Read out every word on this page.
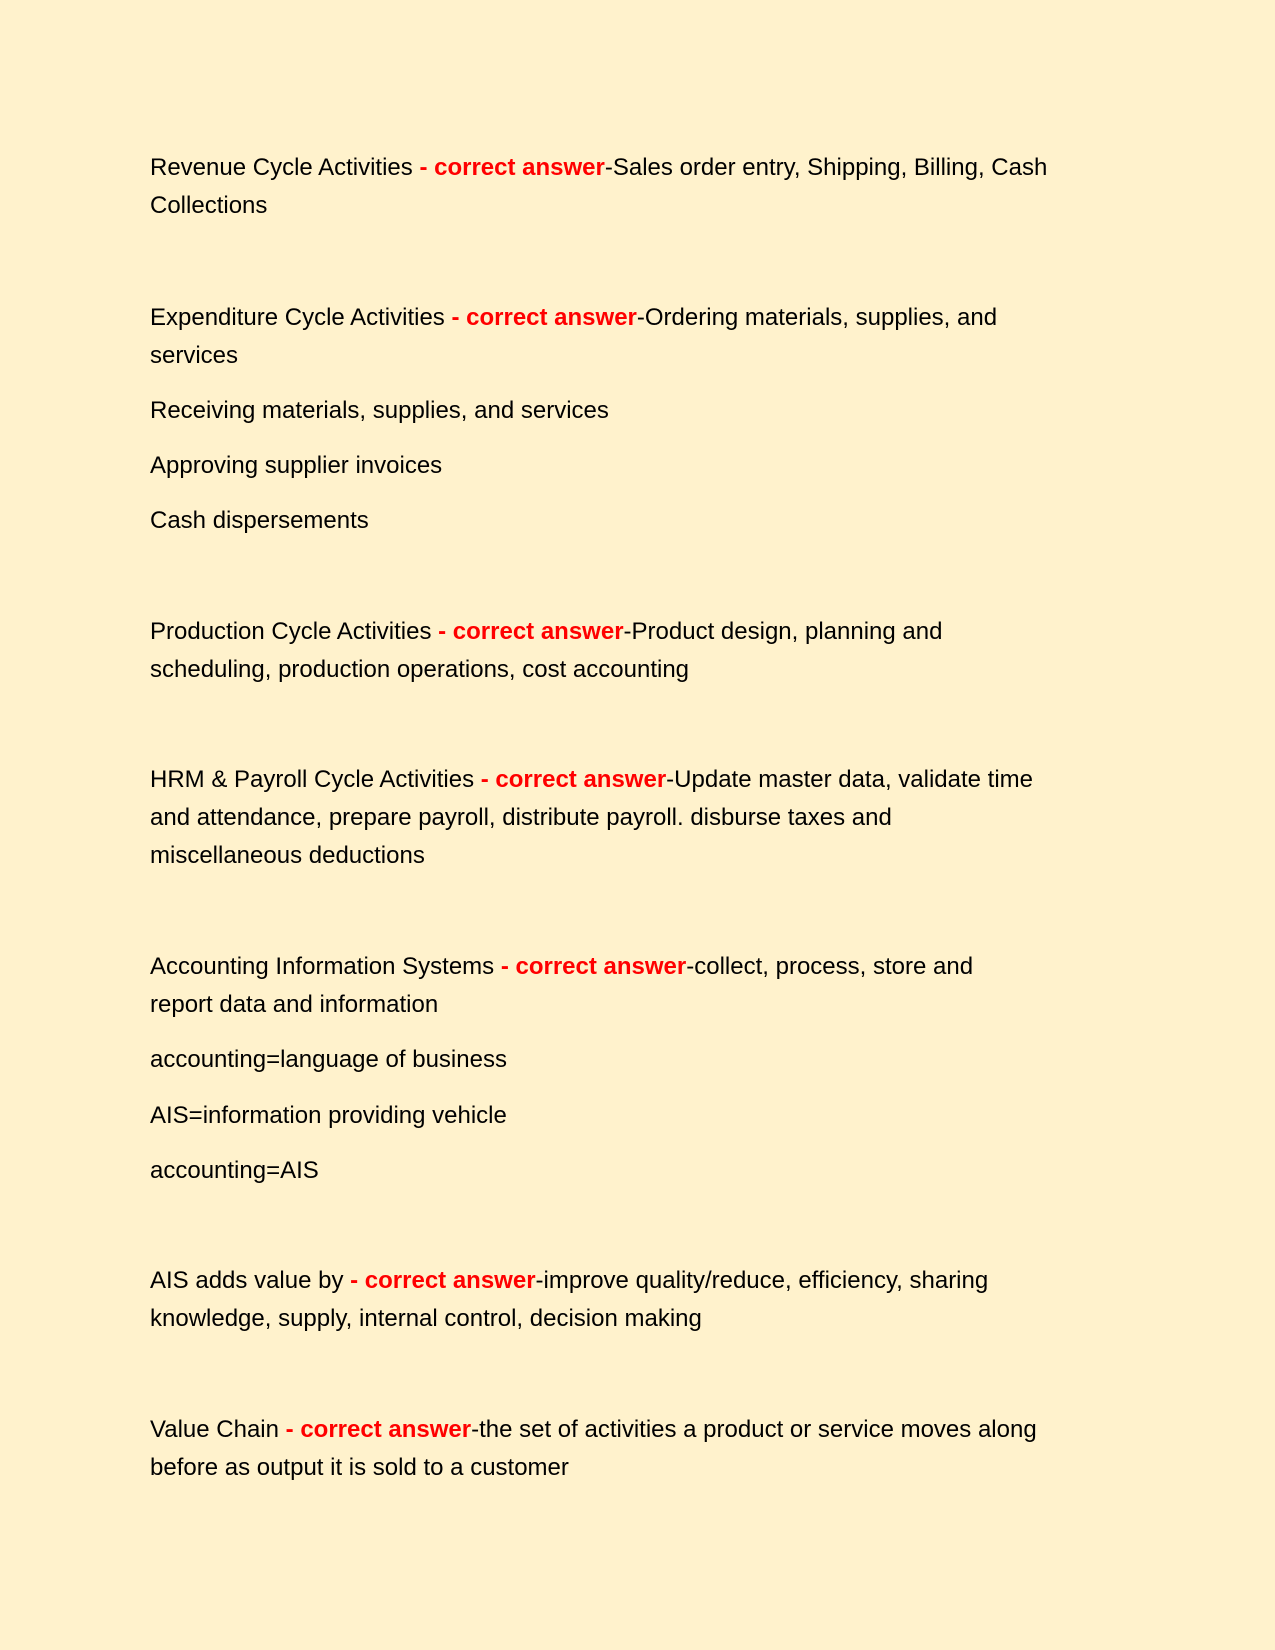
Revenue Cycle Activities - correct answer-Sales order entry, Shipping, Billing, Cash
Collections
Expenditure Cycle Activities - correct answer-Ordering materials, supplies, and
services
Receiving materials, supplies, and services
Approving supplier invoices
Cash dispersements
Production Cycle Activities - correct answer-Product design, planning and
scheduling, production operations, cost accounting
HRM & Payroll Cycle Activities - correct answer-Update master data, validate time
and attendance, prepare payroll, distribute payroll. disburse taxes and
miscellaneous deductions
Accounting Information Systems - correct answer-collect, process, store and
report data and information
accounting=language of business
AIS=information providing vehicle
accounting=AIS
AIS adds value by - correct answer-improve quality/reduce, efficiency, sharing
knowledge, supply, internal control, decision making
Value Chain - correct answer-the set of activities a product or service moves along
before as output it is sold to a customer
